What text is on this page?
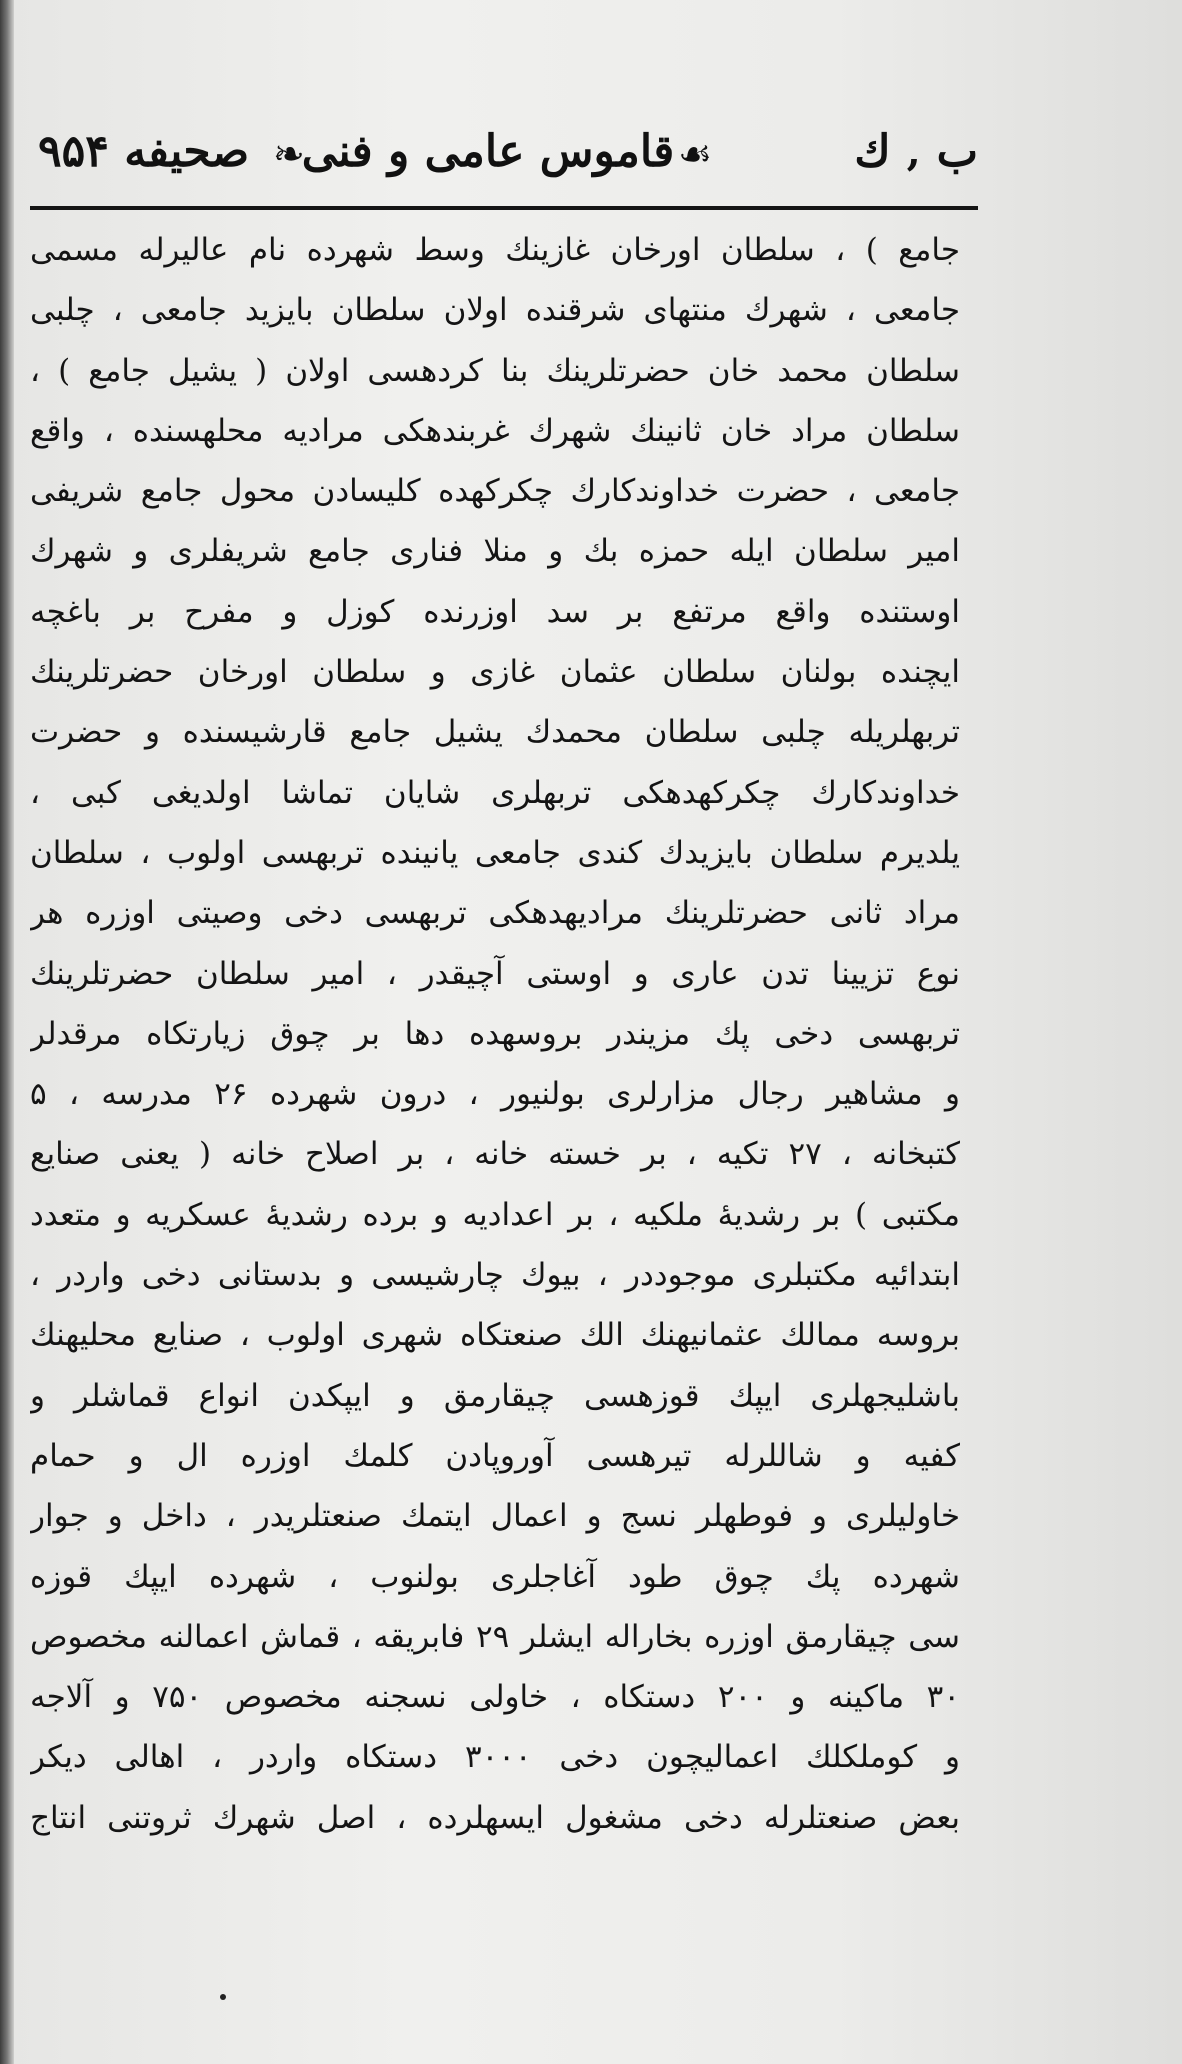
صحيفه ۹۵۴ ❧
قاموس عامى و فنى ☙	ب ‚ ك
جامع ) ، سلطان اورخان غازينك وسط شهرده نام عاليرله مسمى
جامعى ، شهرك منتهاى شرقنده اولان سلطان بايزيد جامعى ، چلبى
سلطان محمد خان حضرتلرينك بنا كردهسى اولان ( يشيل جامع ) ،
سلطان مراد خان ثانينك شهرك غربندهكى مراديه محلهسنده ، واقع
جامعى ، حضرت خداوندكارك چكركهده كليسادن محول جامع شريفى
امير سلطان ايله حمزه بك و منلا فنارى جامع شريفلرى و شهرك
اوستنده واقع مرتفع بر سد اوزرنده كوزل و مفرح بر باغچه
ايچنده بولنان سلطان عثمان غازى و سلطان اورخان حضرتلرينك
تربهلريله چلبى سلطان محمدك يشيل جامع قارشيسنده و حضرت
خداوندكارك چكركهدهكى تربهلرى شايان تماشا اولديغى كبى ،
يلديرم سلطان بايزيدك كندى جامعى يانينده تربهسى اولوب ، سلطان
مراد ثانى حضرتلرينك مراديهدهكى تربهسى دخى وصيتى اوزره هر
نوع تزيينا تدن عارى و اوستى آچيقدر ، امير سلطان حضرتلرينك
تربهسى دخى پك مزيندر بروسهده دها بر چوق زيارتكاه مرقدلر
و مشاهير رجال مزارلرى بولنيور ، درون شهرده ۲۶ مدرسه ، ۵
كتبخانه ، ۲۷ تكيه ، بر خسته خانه ، بر اصلاح خانه ( يعنى صنايع
مكتبى ) بر رشديهٔ ملكيه ، بر اعداديه و برده رشديهٔ عسكريه و متعدد
ابتدائيه مكتبلرى موجوددر ، بيوك چارشيسى و بدستانى دخى واردر ،
بروسه ممالك عثمانيهنك الك صنعتكاه شهرى اولوب ، صنايع محليهنك
باشليجهلرى ايپك قوزهسى چيقارمق و ايپكدن انواع قماشلر و
كفيه و شاللرله تيرهسى آوروپادن كلمك اوزره ال و حمام
خاوليلرى و فوطهلر نسج و اعمال ايتمك صنعتلريدر ، داخل و جوار
شهرده پك چوق طود آغاجلرى بولنوب ، شهرده ايپك قوزه
سى چيقارمق اوزره بخاراله ايشلر ۲۹ فابريقه ، قماش اعمالنه مخصوص
۳۰ ماكينه و ۲۰۰ دستكاه ، خاولى نسجنه مخصوص ۷۵۰ و آلاجه
و كوملكلك اعماليچون دخى ۳۰۰۰ دستكاه واردر ، اهالى ديكر
بعض صنعتلرله دخى مشغول ايسهلرده ، اصل شهرك ثروتنى انتاج
